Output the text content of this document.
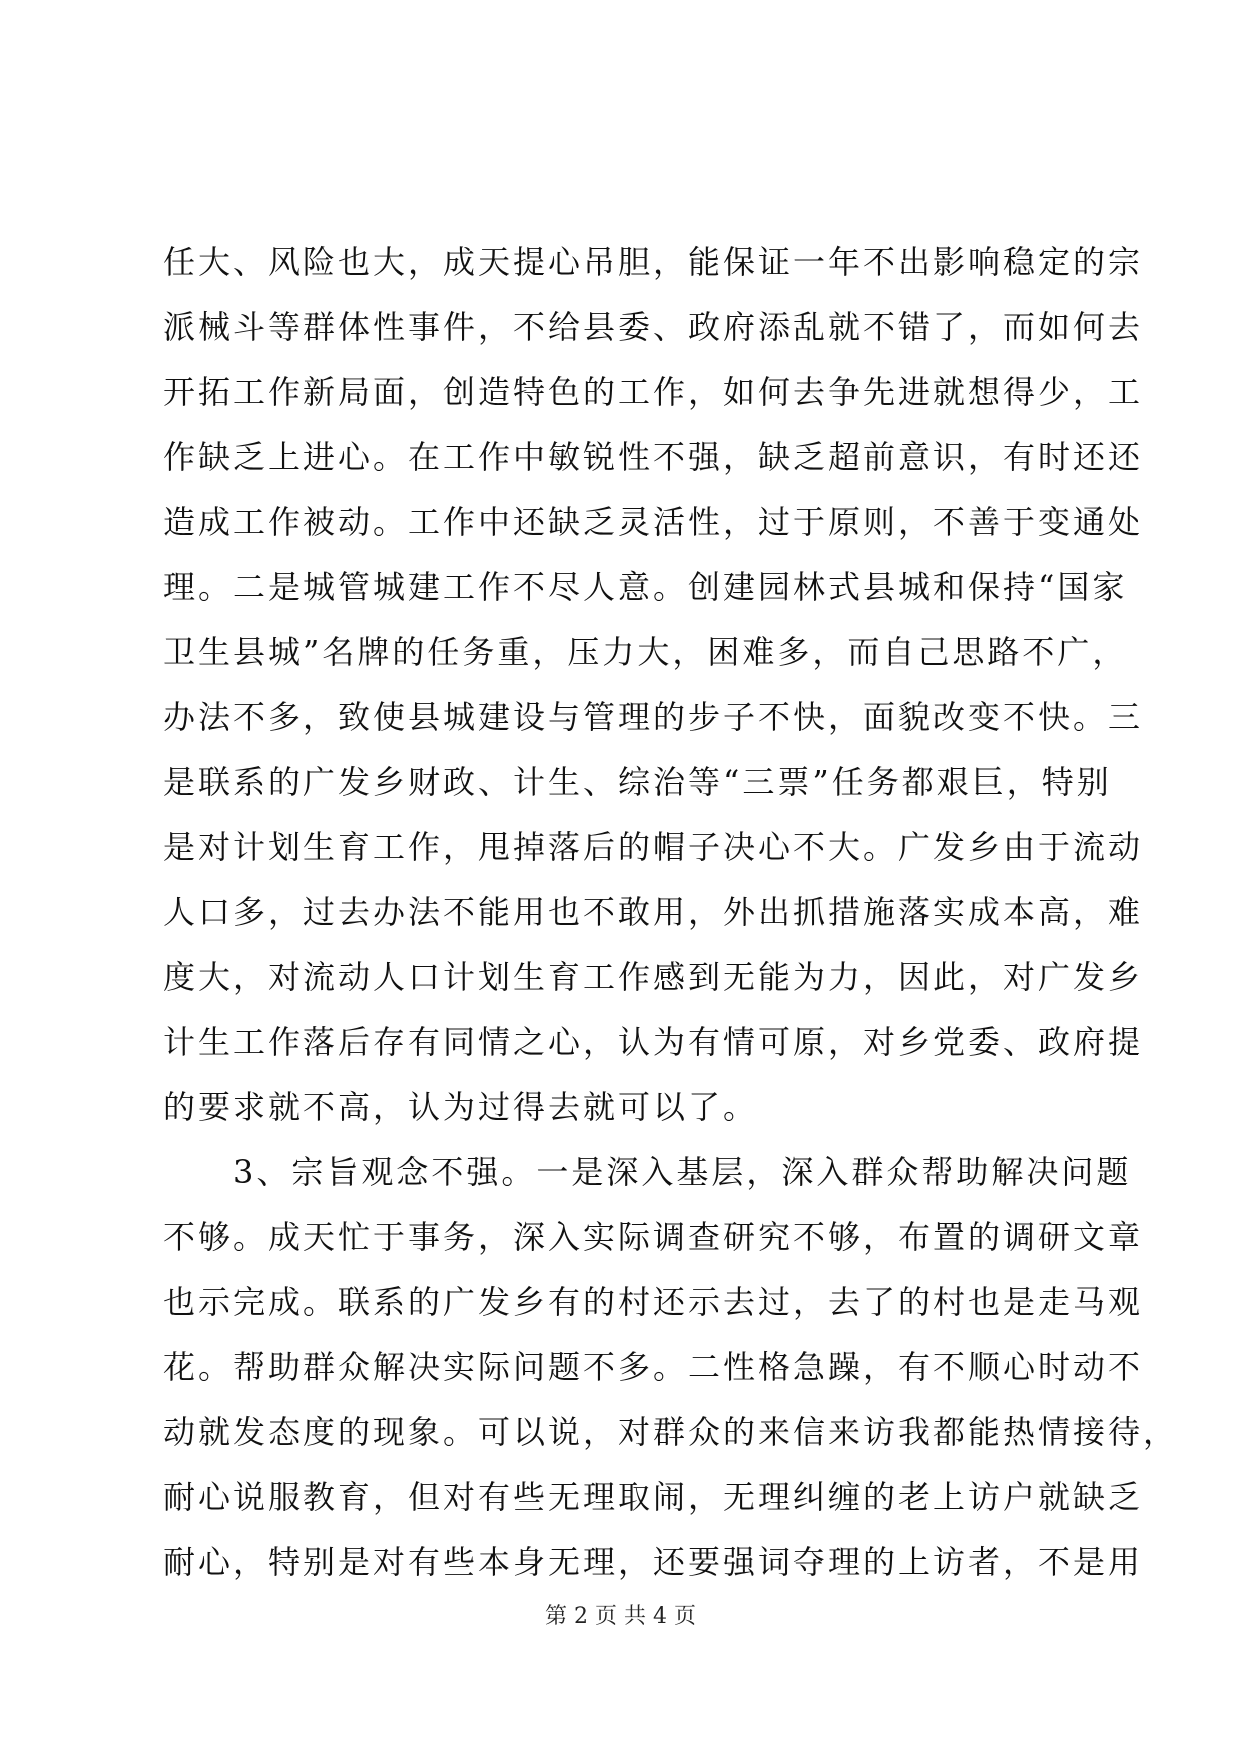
任大、风险也大，成天提心吊胆，能保证一年不出影响稳定的宗
派械斗等群体性事件，不给县委、政府添乱就不错了，而如何去
开拓工作新局面，创造特色的工作，如何去争先进就想得少，工
作缺乏上进心。在工作中敏锐性不强，缺乏超前意识，有时还还
造成工作被动。工作中还缺乏灵活性，过于原则，不善于变通处
理。二是城管城建工作不尽人意。创建园林式县城和保持“国家
卫生县城”名牌的任务重，压力大，困难多，而自己思路不广，
办法不多，致使县城建设与管理的步子不快，面貌改变不快。三
是联系的广发乡财政、计生、综治等“三票”任务都艰巨，特别
是对计划生育工作，甩掉落后的帽子决心不大。广发乡由于流动
人口多，过去办法不能用也不敢用，外出抓措施落实成本高，难
度大，对流动人口计划生育工作感到无能为力，因此，对广发乡
计生工作落后存有同情之心，认为有情可原，对乡党委、政府提
的要求就不高，认为过得去就可以了。
　　3、宗旨观念不强。一是深入基层，深入群众帮助解决问题
不够。成天忙于事务，深入实际调查研究不够，布置的调研文章
也示完成。联系的广发乡有的村还示去过，去了的村也是走马观
花。帮助群众解决实际问题不多。二性格急躁，有不顺心时动不
动就发态度的现象。可以说，对群众的来信来访我都能热情接待，
耐心说服教育，但对有些无理取闹，无理纠缠的老上访户就缺乏
耐心，特别是对有些本身无理，还要强词夺理的上访者，不是用
第 2 页 共 4 页
